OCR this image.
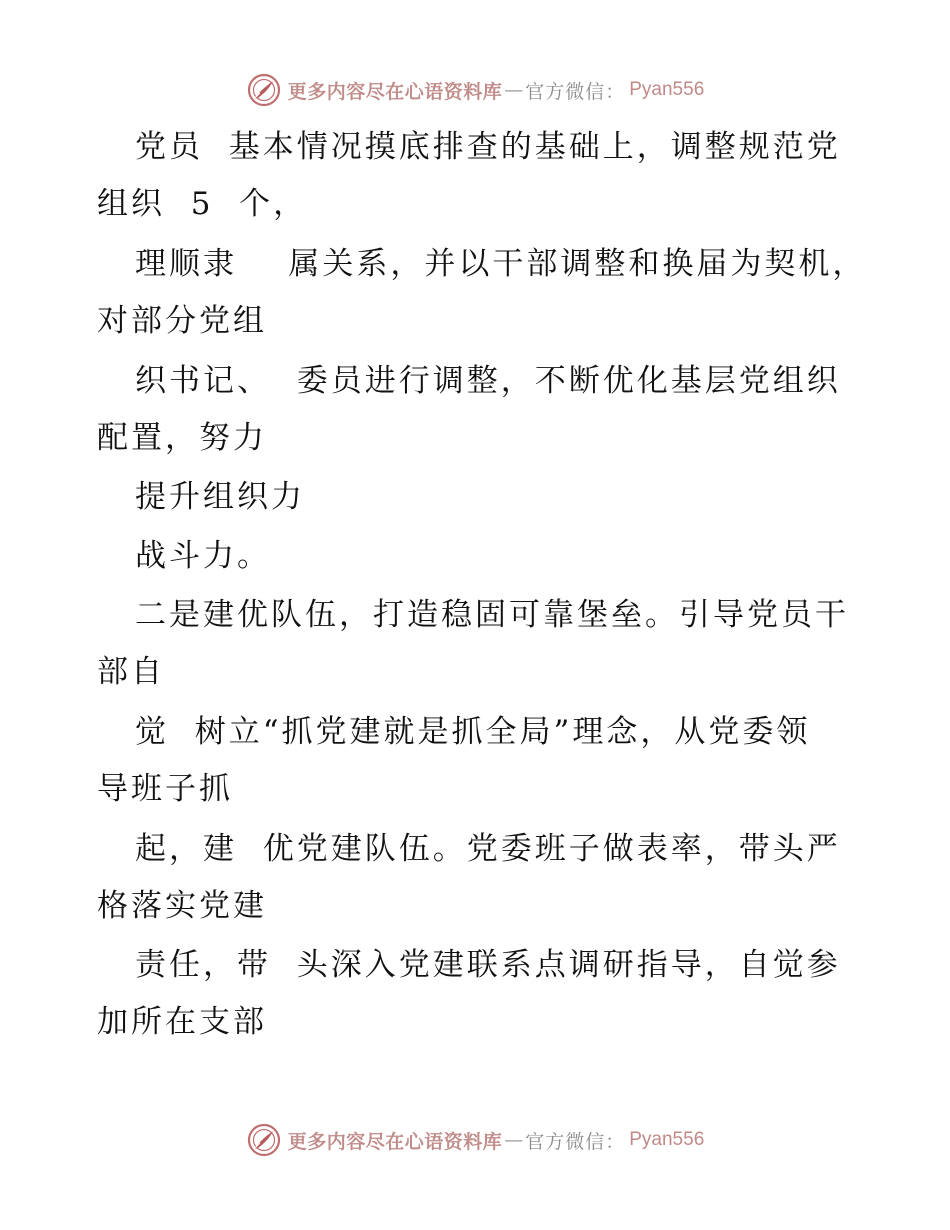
更多内容尽在心语资料库 — 官方微信： Pyan556
党员  基本情况摸底排查的基础上，调整规范党
组织  5  个，
理顺隶    属关系，并以干部调整和换届为契机，
对部分党组
织书记、  委员进行调整，不断优化基层党组织
配置，努力
提升组织力
战斗力。
二是建优队伍，打造稳固可靠堡垒。引导党员干
部自
觉  树立“抓党建就是抓全局”理念，从党委领
导班子抓
起，建  优党建队伍。党委班子做表率，带头严
格落实党建
责任，带  头深入党建联系点调研指导，自觉参
加所在支部
更多内容尽在心语资料库 — 官方微信： Pyan556
